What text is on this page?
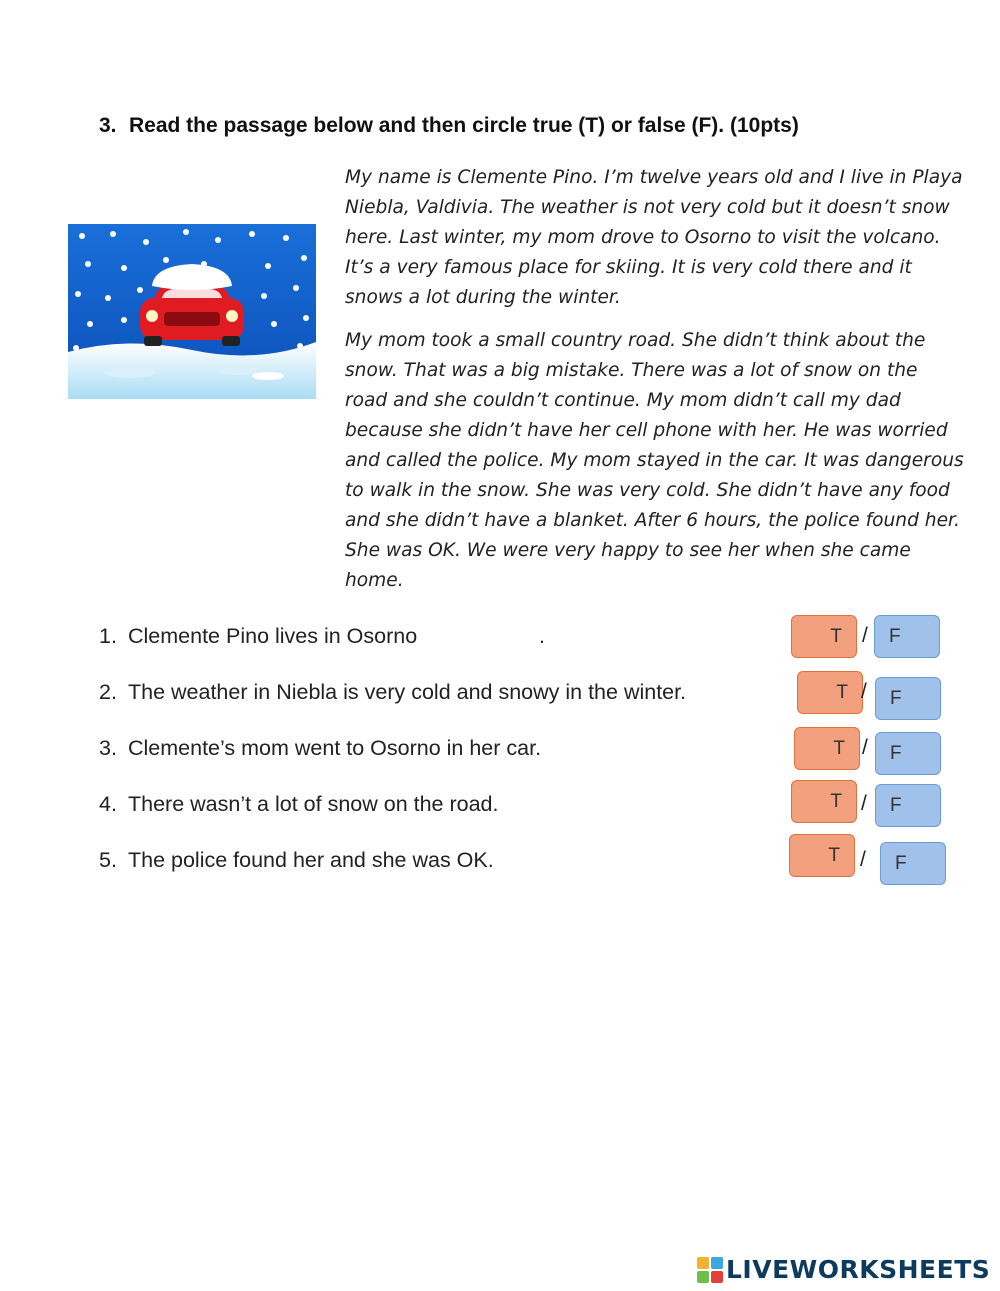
3. Read the passage below and then circle true (T) or false (F). (10pts)

My name is Clemente Pino. I’m twelve years old and I live in Playa Niebla, Valdivia. The weather is not very cold but it doesn’t snow here. Last winter, my mom drove to Osorno to visit the volcano. It’s a very famous place for skiing. It is very cold there and it snows a lot during the winter.

My mom took a small country road. She didn’t think about the snow. That was a big mistake. There was a lot of snow on the road and she couldn’t continue. My mom didn’t call my dad because she didn’t have her cell phone with her. He was worried and called the police. My mom stayed in the car. It was dangerous to walk in the snow. She was very cold. She didn’t have any food and she didn’t have a blanket. After 6 hours, the police found her. She was OK. We were very happy to see her when she came home.

1. Clemente Pino lives in Osorno	.	T /	F
2. The weather in Niebla is very cold and snowy in the winter.	T /	F
3. Clemente’s mom went to Osorno in her car.	T /	F
4. There wasn’t a lot of snow on the road.	T /	F
5. The police found her and she was OK.	T /	F
LIVEWORKSHEETS
